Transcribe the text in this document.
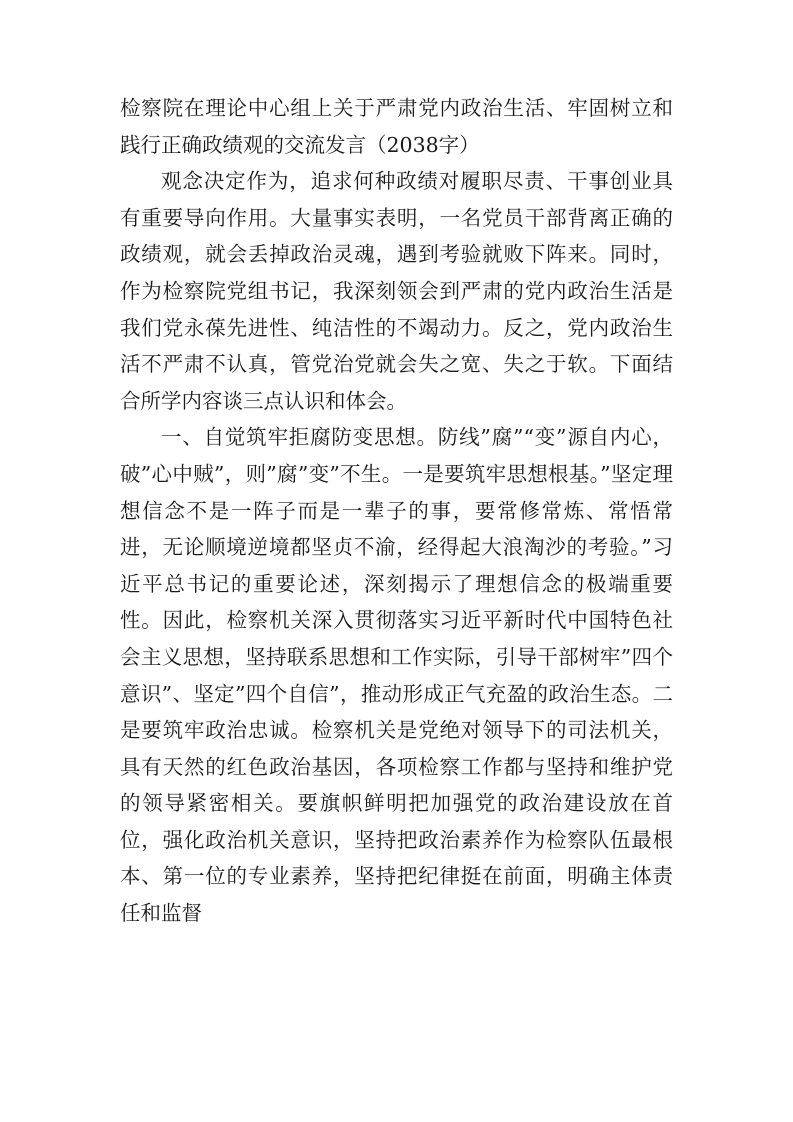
检察院在理论中心组上关于严肃党内政治生活、牢固树立和践行正确政绩观的交流发言（2038字）

观念决定作为，追求何种政绩对履职尽责、干事创业具有重要导向作用。大量事实表明，一名党员干部背离正确的政绩观，就会丢掉政治灵魂，遇到考验就败下阵来。同时，作为检察院党组书记，我深刻领会到严肃的党内政治生活是我们党永葆先进性、纯洁性的不竭动力。反之，党内政治生活不严肃不认真，管党治党就会失之宽、失之于软。下面结合所学内容谈三点认识和体会。

一、自觉筑牢拒腐防变思想。防线”腐”“变”源自内心，破”心中贼”，则”腐”变”不生。一是要筑牢思想根基。”坚定理想信念不是一阵子而是一辈子的事，要常修常炼、常悟常进，无论顺境逆境都坚贞不渝，经得起大浪淘沙的考验。”习近平总书记的重要论述，深刻揭示了理想信念的极端重要性。因此，检察机关深入贯彻落实习近平新时代中国特色社会主义思想，坚持联系思想和工作实际，引导干部树牢”四个意识”、坚定”四个自信”，推动形成正气充盈的政治生态。二是要筑牢政治忠诚。检察机关是党绝对领导下的司法机关，具有天然的红色政治基因，各项检察工作都与坚持和维护党的领导紧密相关。要旗帜鲜明把加强党的政治建设放在首位，强化政治机关意识，坚持把政治素养作为检察队伍最根本、第一位的专业素养，坚持把纪律挺在前面，明确主体责任和监督
